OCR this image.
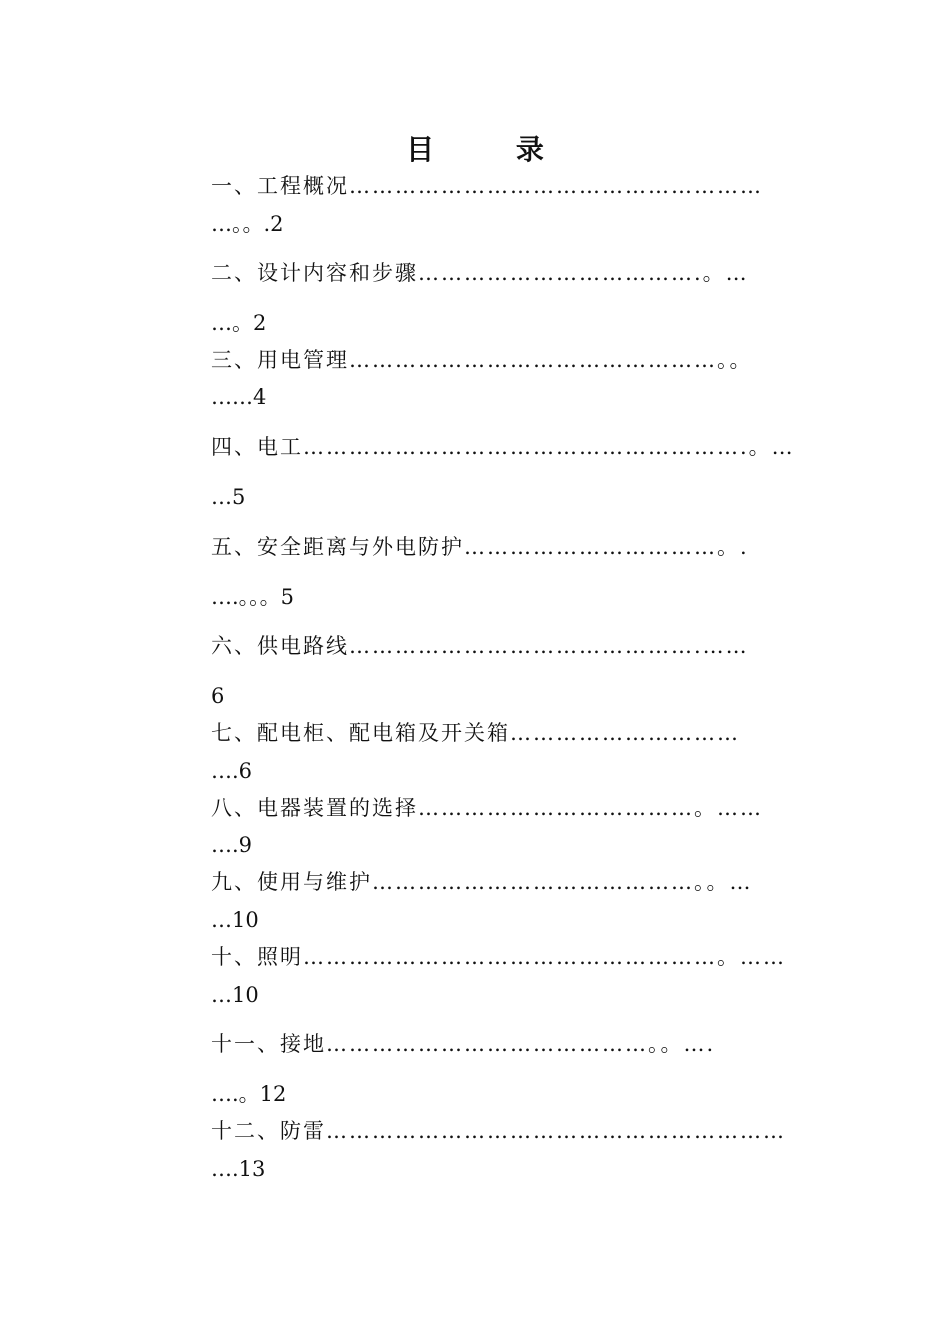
目 录
一、工程概况………………………………………………
…。。.2
二、设计内容和步骤……………………………….。…
…。2
三、用电管理…………………………………………。。
……4
四、电工………………………………………………….。…
…5
五、安全距离与外电防护……………………………。.
….。。。5
六、供电路线……………………………………….……
6
七、配电柜、配电箱及开关箱…………………………
….6
八、电器装置的选择………………………………。……
….9
九、使用与维护……………………………………。。…
…10
十、照明………………………………………………。……
…10
十一、接地……………………………………。。….
….。12
十二、防雷……………………………………………………
….13
